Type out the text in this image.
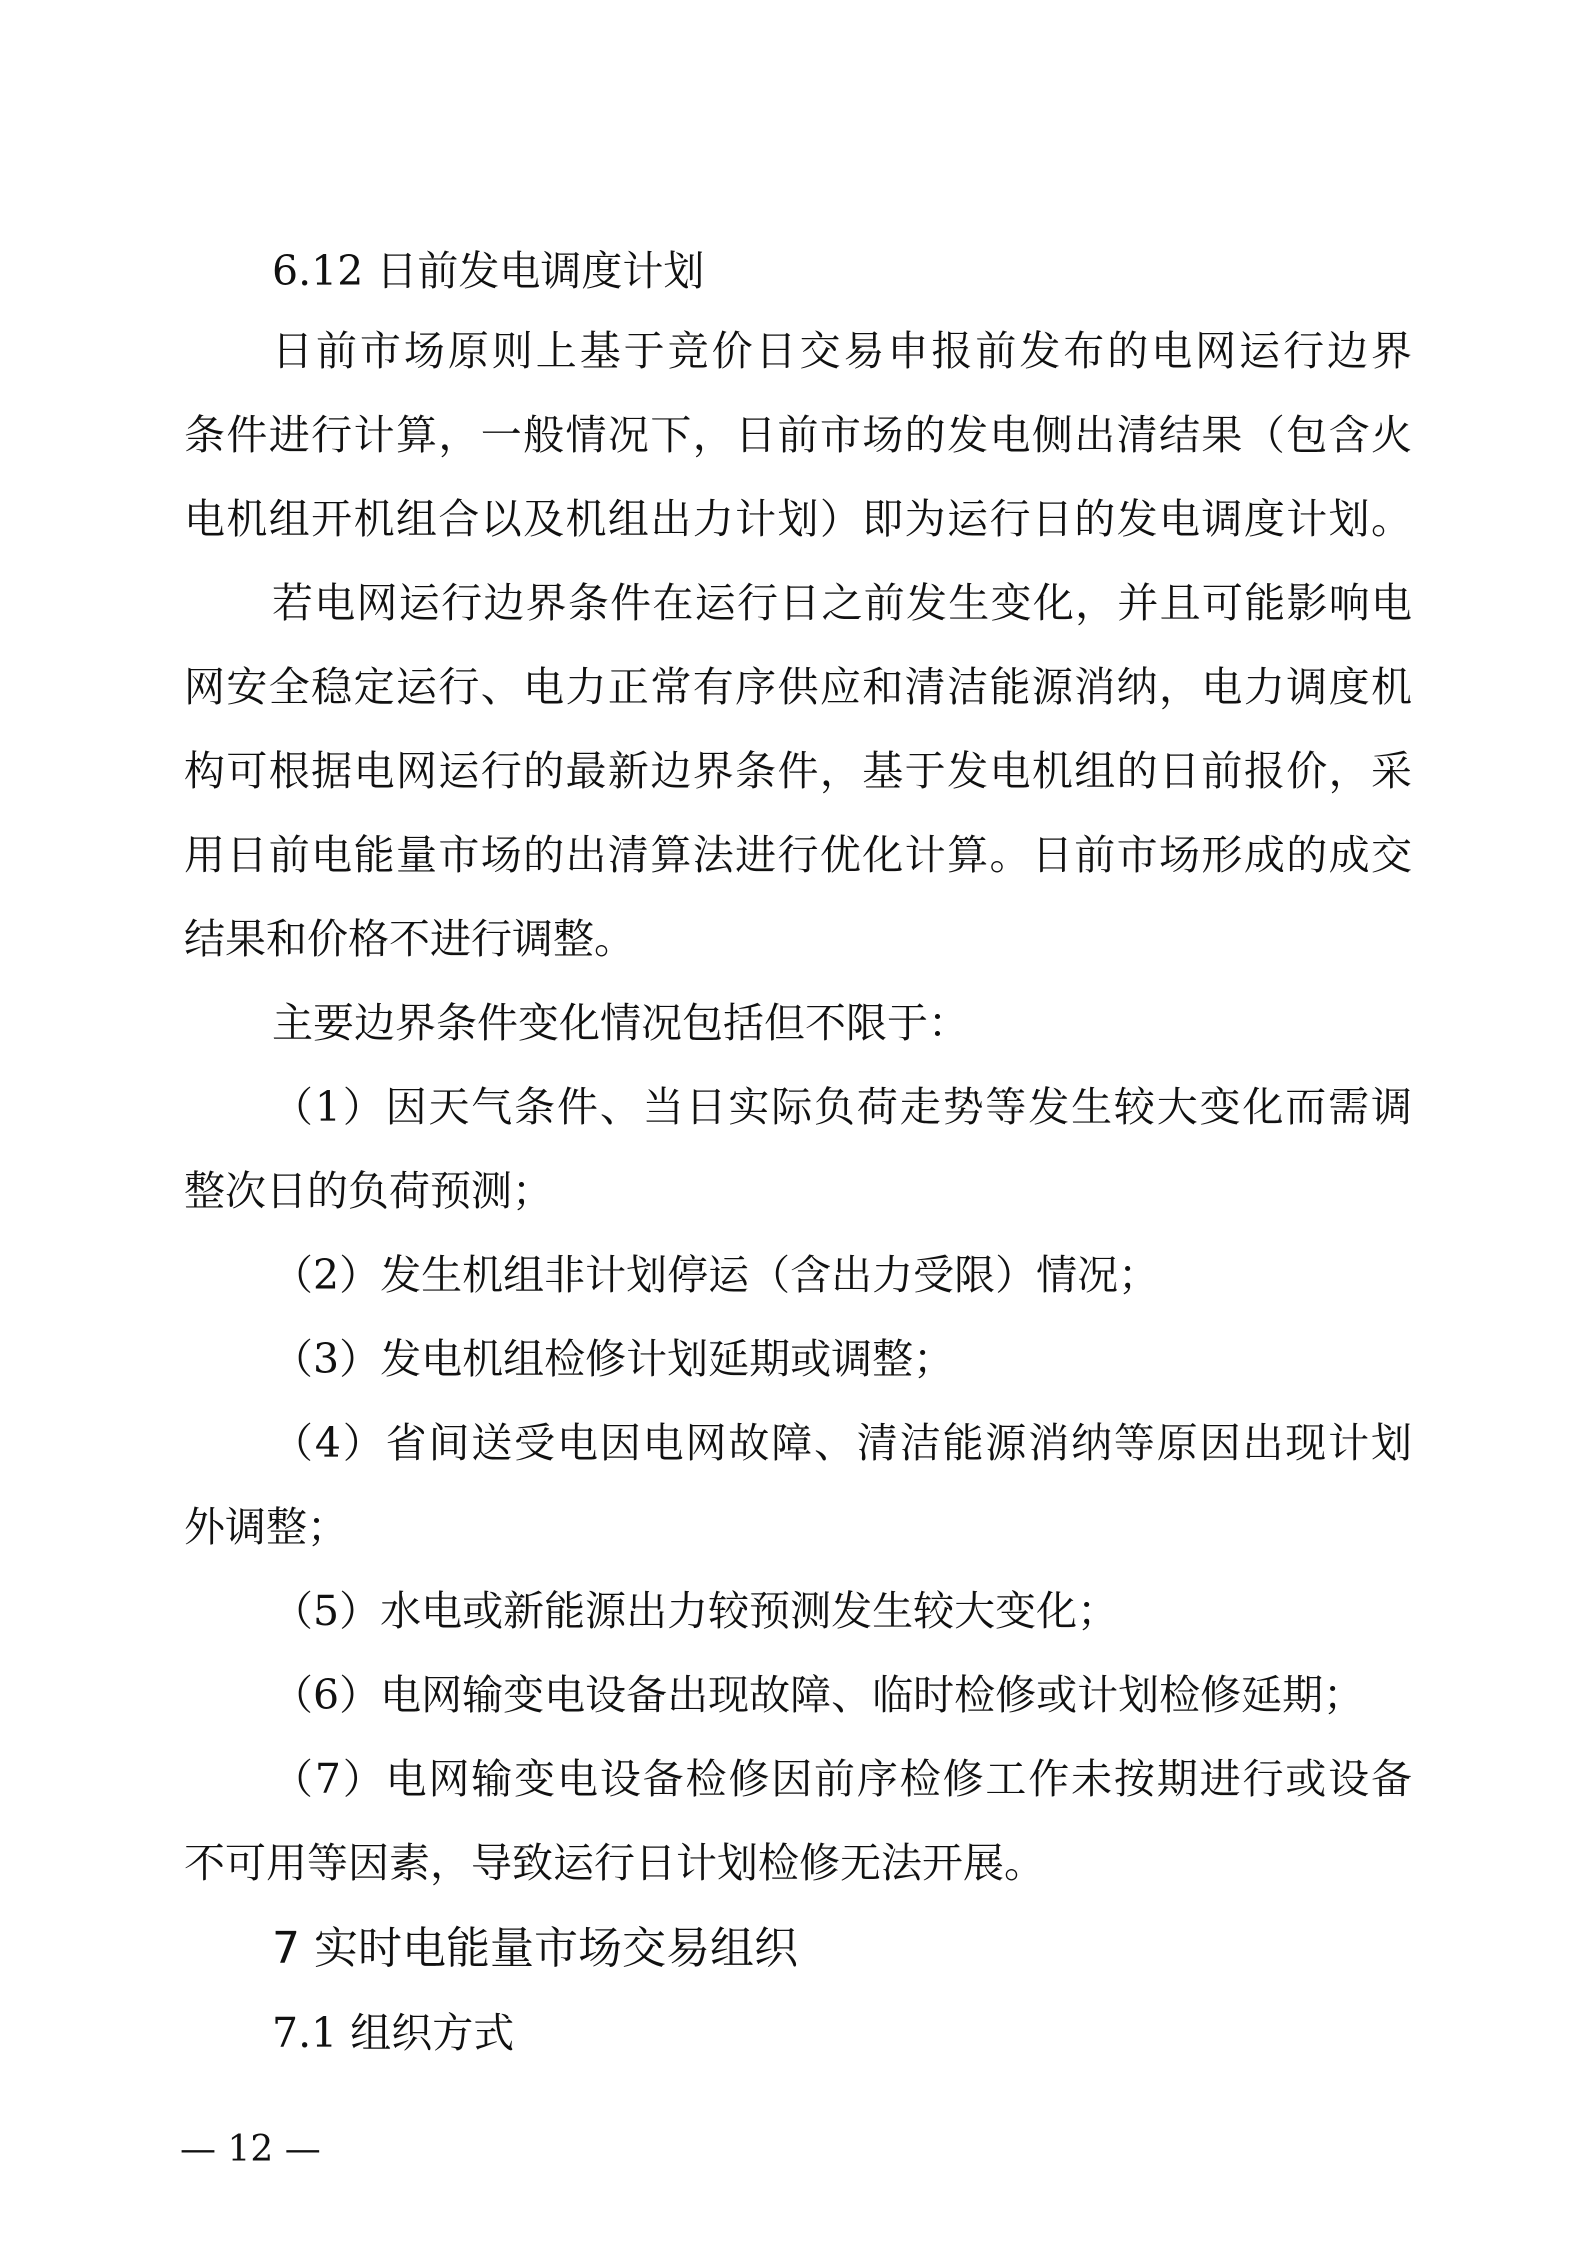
6.12 日前发电调度计划
日前市场原则上基于竞价日交易申报前发布的电网运行边界
条件进行计算，一般情况下，日前市场的发电侧出清结果（包含火
电机组开机组合以及机组出力计划）即为运行日的发电调度计划。
若电网运行边界条件在运行日之前发生变化，并且可能影响电
网安全稳定运行、电力正常有序供应和清洁能源消纳，电力调度机
构可根据电网运行的最新边界条件，基于发电机组的日前报价，采
用日前电能量市场的出清算法进行优化计算。日前市场形成的成交
结果和价格不进行调整。
主要边界条件变化情况包括但不限于：
（1）因天气条件、当日实际负荷走势等发生较大变化而需调
整次日的负荷预测；
（2）发生机组非计划停运（含出力受限）情况；
（3）发电机组检修计划延期或调整；
（4）省间送受电因电网故障、清洁能源消纳等原因出现计划
外调整；
（5）水电或新能源出力较预测发生较大变化；
（6）电网输变电设备出现故障、临时检修或计划检修延期；
（7）电网输变电设备检修因前序检修工作未按期进行或设备
不可用等因素，导致运行日计划检修无法开展。
7 实时电能量市场交易组织
7.1 组织方式
— 12 —
